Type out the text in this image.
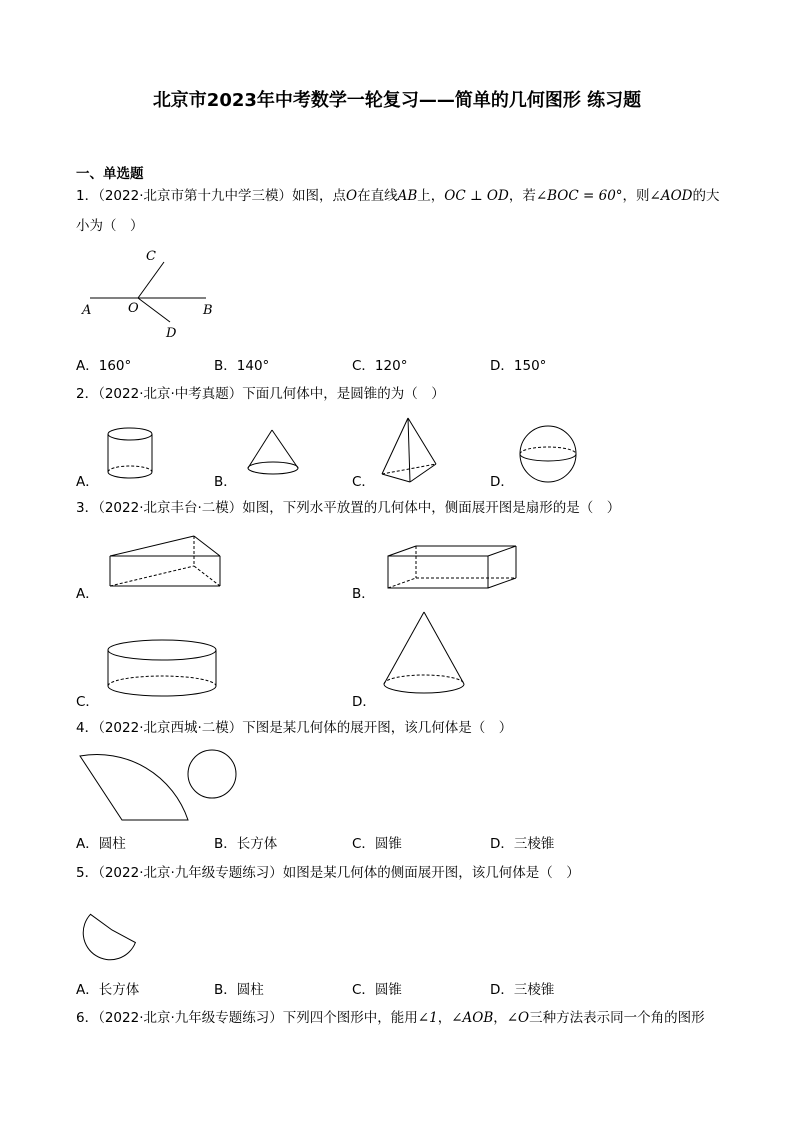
北京市2023年中考数学一轮复习——简单的几何图形 练习题
一、单选题
1．（2022·北京市第十九中学三模）如图，点O在直线AB上，OC ⊥ OD，若∠BOC = 60°，则∠AOD的大
小为（　）
A	O	B
C
D
A．160°	B．140°	C．120°	D．150°
2．（2022·北京·中考真题）下面几何体中，是圆锥的为（　）
A．	B．	C．	D．
3．（2022·北京丰台·二模）如图，下列水平放置的几何体中，侧面展开图是扇形的是（　）
A．	B．
C．	D．
4．（2022·北京西城·二模）下图是某几何体的展开图，该几何体是（　）
A．圆柱	B．长方体	C．圆锥	D．三棱锥
5．（2022·北京·九年级专题练习）如图是某几何体的侧面展开图，该几何体是（　）
A．长方体	B．圆柱	C．圆锥	D．三棱锥
6．（2022·北京·九年级专题练习）下列四个图形中，能用∠1，∠AOB，∠O三种方法表示同一个角的图形
